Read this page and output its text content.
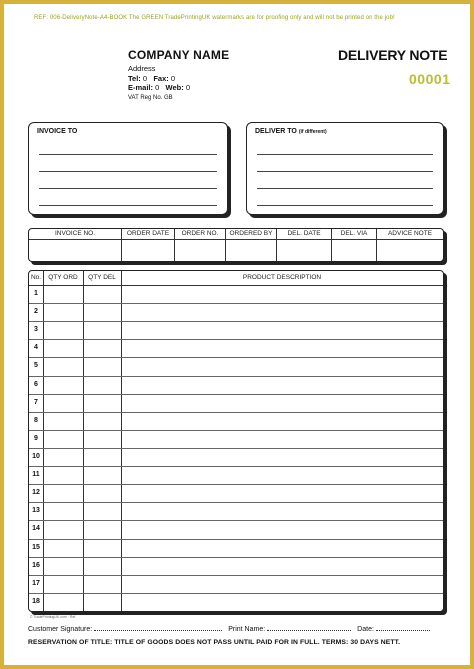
REF: 006-DeliveryNote-A4-BOOK The GREEN TradePrintingUK watermarks are for proofing only and will not be printed on the job!
COMPANY NAME
Address
Tel: 0 Fax: 0
E-mail: 0 Web: 0
VAT Reg No. GB
DELIVERY NOTE
00001
INVOICE TO	DELIVER TO (if different)
INVOICE NO.	ORDER DATE	ORDER NO.	ORDERED BY	DEL. DATE	DEL. VIA	ADVICE NOTE
No.	QTY ORD	QTY DEL	PRODUCT DESCRIPTION
1
2
3
4
5
6
7
8
9
10
11
12
13
14
15
16
17
18
© TradePrintingUK.com · Ref
Customer Signature:	Print Name:	Date:
RESERVATION OF TITLE: TITLE OF GOODS DOES NOT PASS UNTIL PAID FOR IN FULL. TERMS: 30 DAYS NETT.
